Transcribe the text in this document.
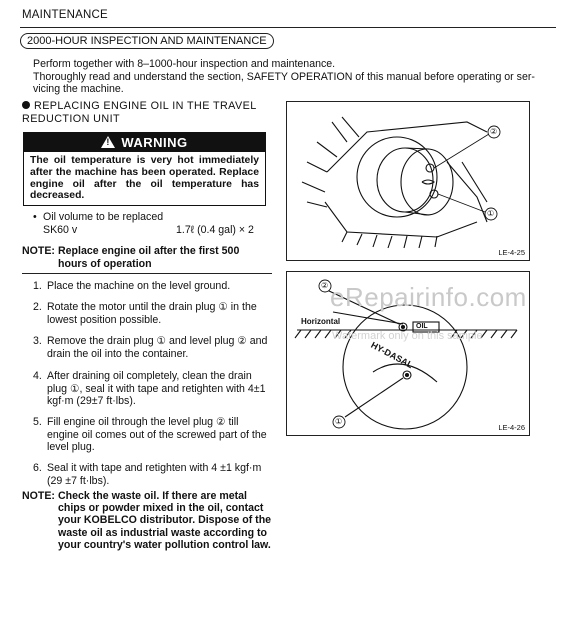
MAINTENANCE
2000-HOUR INSPECTION AND MAINTENANCE
Perform together with 8–1000-hour inspection and maintenance.
Thoroughly read and understand the section, SAFETY OPERATION of this manual before operating or ser-vicing the machine.
REPLACING ENGINE OIL IN THE TRAVEL REDUCTION UNIT
!WARNING
The oil temperature is very hot immediately after the machine has been operated. Replace engine oil after the oil temperature has decreased.
• Oil volume to be replaced
SK60 v	1.7ℓ (0.4 gal) × 2
NOTE: Replace engine oil after the first 500 hours of operation
1. Place the machine on the level ground.
2. Rotate the motor until the drain plug ① in the lowest position possible.
3. Remove the drain plug ① and level plug ② and drain the oil into the container.
4. After draining oil completely, clean the drain plug ①, seal it with tape and retighten with 4±1 kgf·m (29±7 ft·lbs).
5. Fill engine oil through the level plug ② till engine oil comes out of the screwed part of the level plug.
6. Seal it with tape and retighten with 4 ±1 kgf·m (29 ±7 ft·lbs).
NOTE: Check the waste oil. If there are metal chips or powder mixed in the oil, contact your KOBELCO distributor. Dispose of the waste oil as industrial waste according to your country's water pollution control law.
②
①
LE-4-25
②
①
Horizontal
OIL
HY-DASAL
LE-4-26
eRepairinfo.com
Watermark only on this sample
